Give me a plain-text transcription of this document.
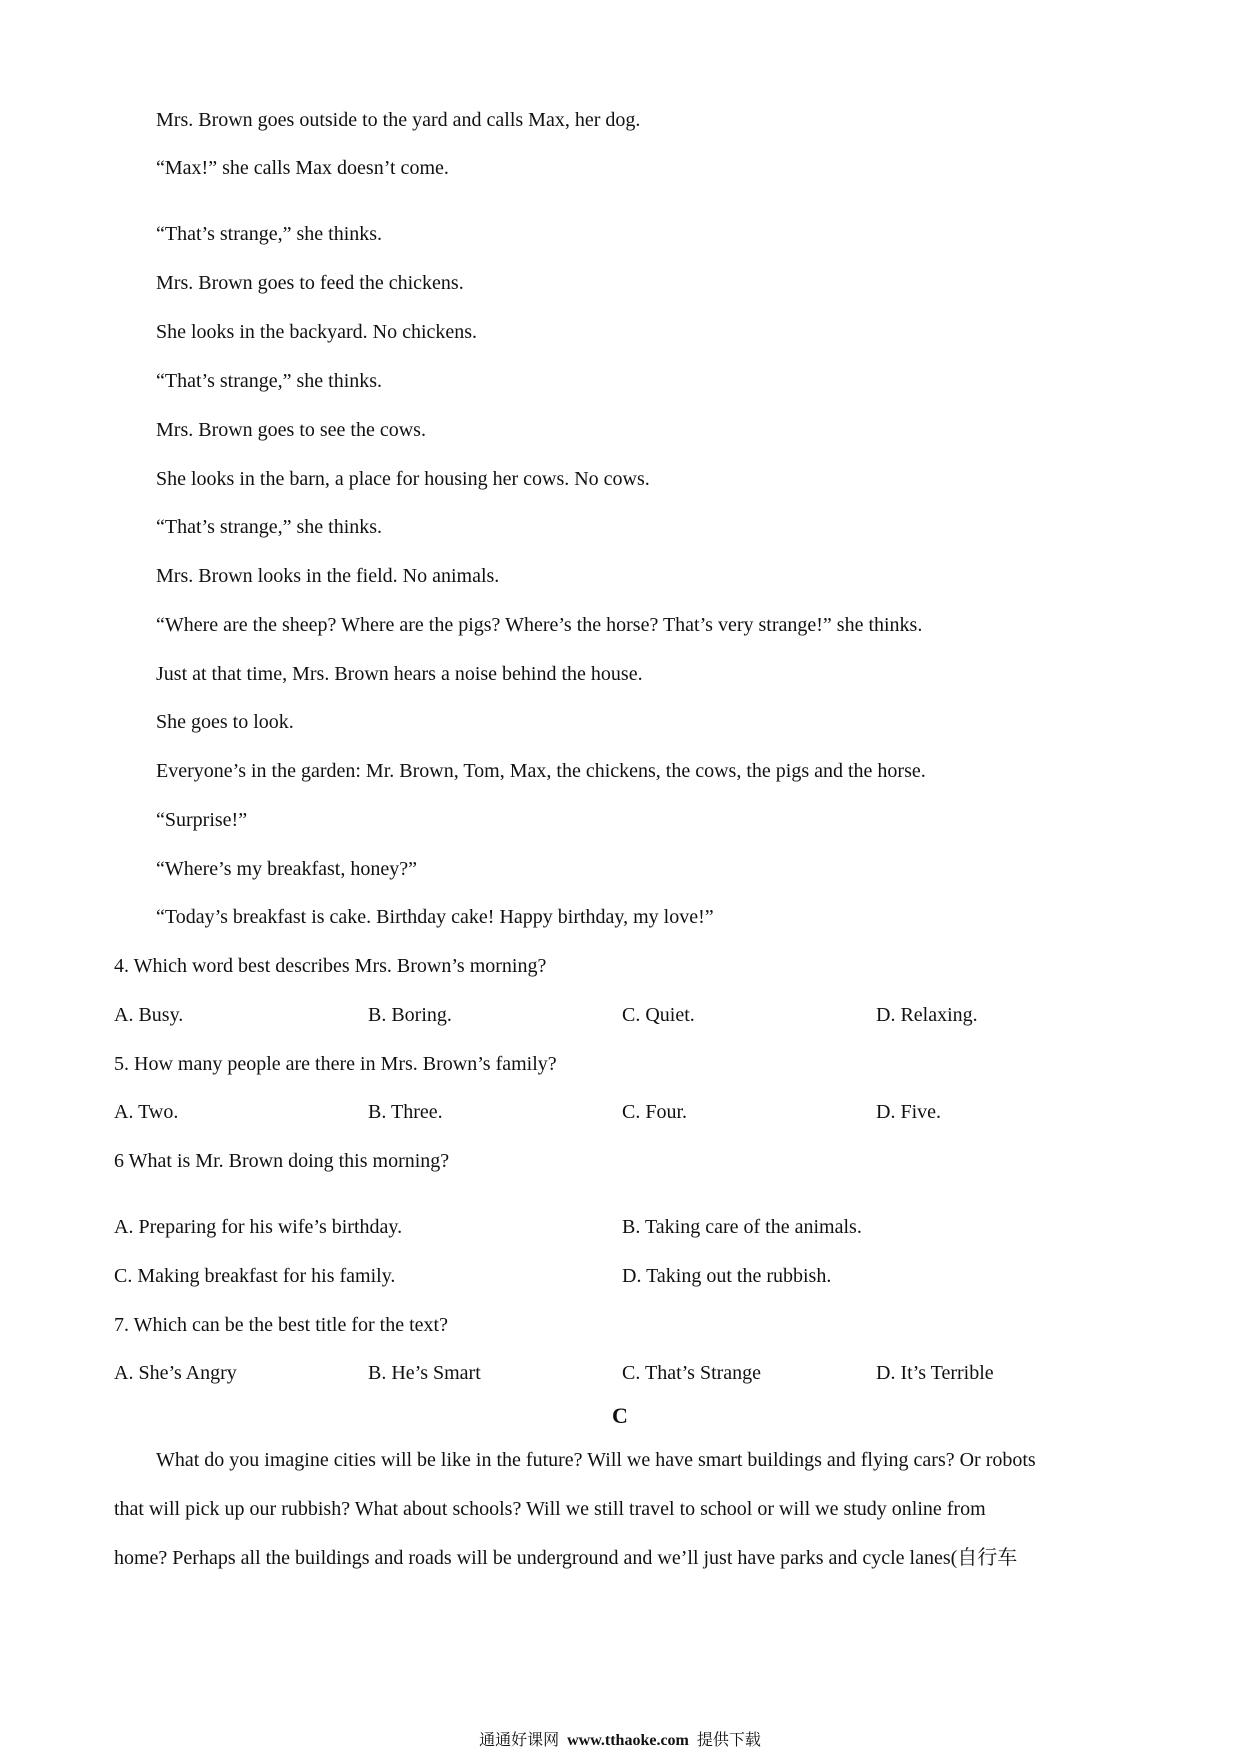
Mrs. Brown goes outside to the yard and calls Max, her dog.
“Max!” she calls Max doesn’t come.
“That’s strange,” she thinks.
Mrs. Brown goes to feed the chickens.
She looks in the backyard. No chickens.
“That’s strange,” she thinks.
Mrs. Brown goes to see the cows.
She looks in the barn, a place for housing her cows. No cows.
“That’s strange,” she thinks.
Mrs. Brown looks in the field. No animals.
“Where are the sheep? Where are the pigs? Where’s the horse? That’s very strange!” she thinks.
Just at that time, Mrs. Brown hears a noise behind the house.
She goes to look.
Everyone’s in the garden: Mr. Brown, Tom, Max, the chickens, the cows, the pigs and the horse.
“Surprise!”
“Where’s my breakfast, honey?”
“Today’s breakfast is cake. Birthday cake! Happy birthday, my love!”
4. Which word best describes Mrs. Brown’s morning?
A. Busy.	B. Boring.	C. Quiet.	D. Relaxing.
5. How many people are there in Mrs. Brown’s family?
A. Two.	B. Three.	C. Four.	D. Five.
6 What is Mr. Brown doing this morning?
A. Preparing for his wife’s birthday.	B. Taking care of the animals.
C. Making breakfast for his family.	D. Taking out the rubbish.
7. Which can be the best title for the text?
A. She’s Angry	B. He’s Smart	C. That’s Strange	D. It’s Terrible
C
What do you imagine cities will be like in the future? Will we have smart buildings and flying cars? Or robots
that will pick up our rubbish? What about schools? Will we still travel to school or will we study online from
home? Perhaps all the buildings and roads will be underground and we’ll just have parks and cycle lanes(自行车
通通好课网 www.tthaoke.com 提供下载
